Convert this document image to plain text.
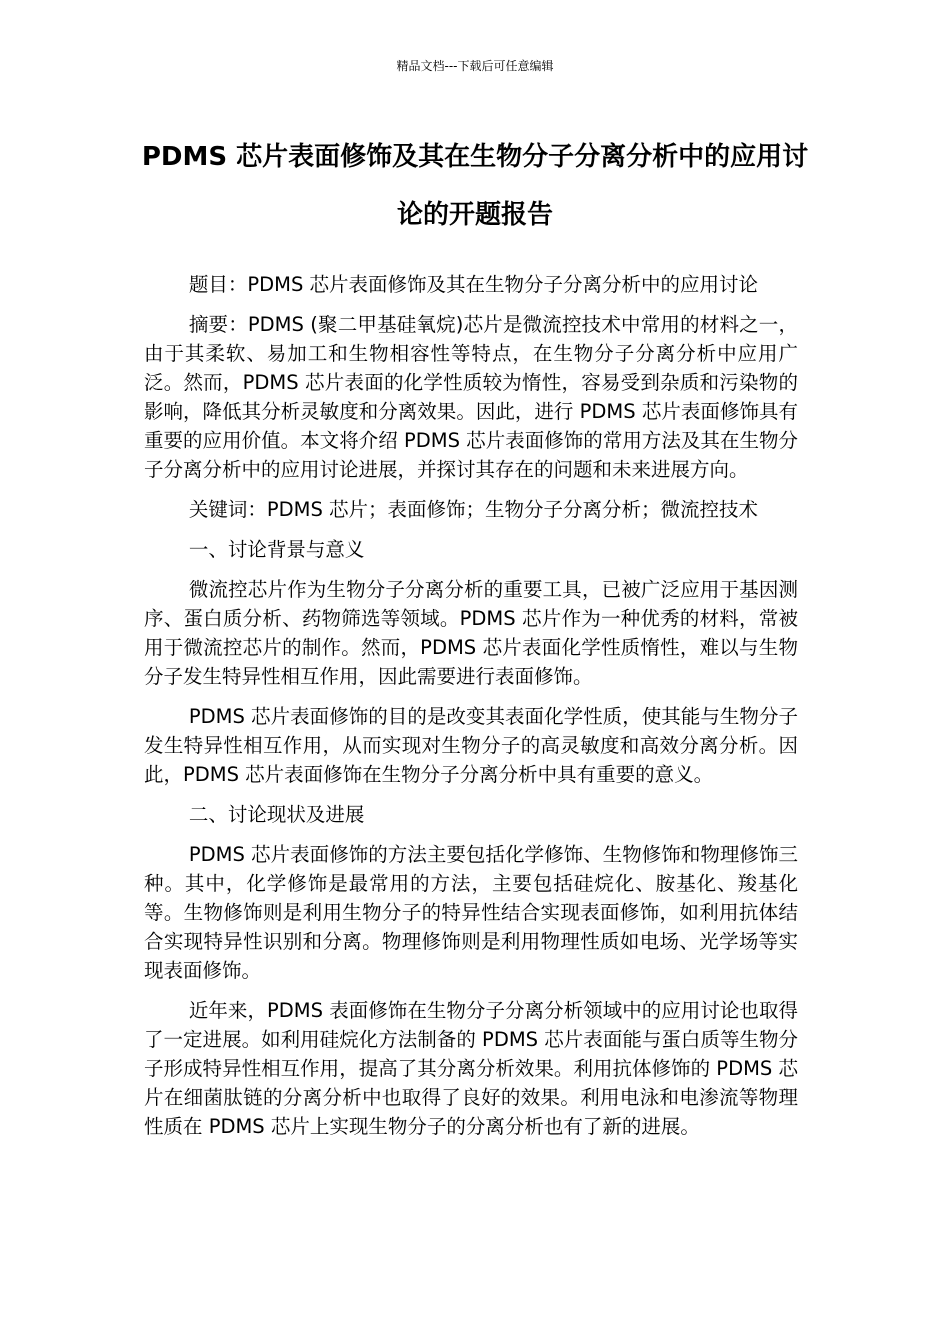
精品文档---下载后可任意编辑
PDMS 芯片表面修饰及其在生物分子分离分析中的应用讨论的开题报告

题目：PDMS 芯片表面修饰及其在生物分子分离分析中的应用讨论

摘要：PDMS (聚二甲基硅氧烷)芯片是微流控技术中常用的材料之一，由于其柔软、易加工和生物相容性等特点，在生物分子分离分析中应用广泛。然而，PDMS 芯片表面的化学性质较为惰性，容易受到杂质和污染物的影响，降低其分析灵敏度和分离效果。因此，进行 PDMS 芯片表面修饰具有重要的应用价值。本文将介绍 PDMS 芯片表面修饰的常用方法及其在生物分子分离分析中的应用讨论进展，并探讨其存在的问题和未来进展方向。

关键词：PDMS 芯片；表面修饰；生物分子分离分析；微流控技术

一、讨论背景与意义

微流控芯片作为生物分子分离分析的重要工具，已被广泛应用于基因测序、蛋白质分析、药物筛选等领域。PDMS 芯片作为一种优秀的材料，常被用于微流控芯片的制作。然而，PDMS 芯片表面化学性质惰性，难以与生物分子发生特异性相互作用，因此需要进行表面修饰。

PDMS 芯片表面修饰的目的是改变其表面化学性质，使其能与生物分子发生特异性相互作用，从而实现对生物分子的高灵敏度和高效分离分析。因此，PDMS 芯片表面修饰在生物分子分离分析中具有重要的意义。

二、讨论现状及进展

PDMS 芯片表面修饰的方法主要包括化学修饰、生物修饰和物理修饰三种。其中，化学修饰是最常用的方法，主要包括硅烷化、胺基化、羧基化等。生物修饰则是利用生物分子的特异性结合实现表面修饰，如利用抗体结合实现特异性识别和分离。物理修饰则是利用物理性质如电场、光学场等实现表面修饰。

近年来，PDMS 表面修饰在生物分子分离分析领域中的应用讨论也取得了一定进展。如利用硅烷化方法制备的 PDMS 芯片表面能与蛋白质等生物分子形成特异性相互作用，提高了其分离分析效果。利用抗体修饰的 PDMS 芯片在细菌肽链的分离分析中也取得了良好的效果。利用电泳和电渗流等物理性质在 PDMS 芯片上实现生物分子的分离分析也有了新的进展。
